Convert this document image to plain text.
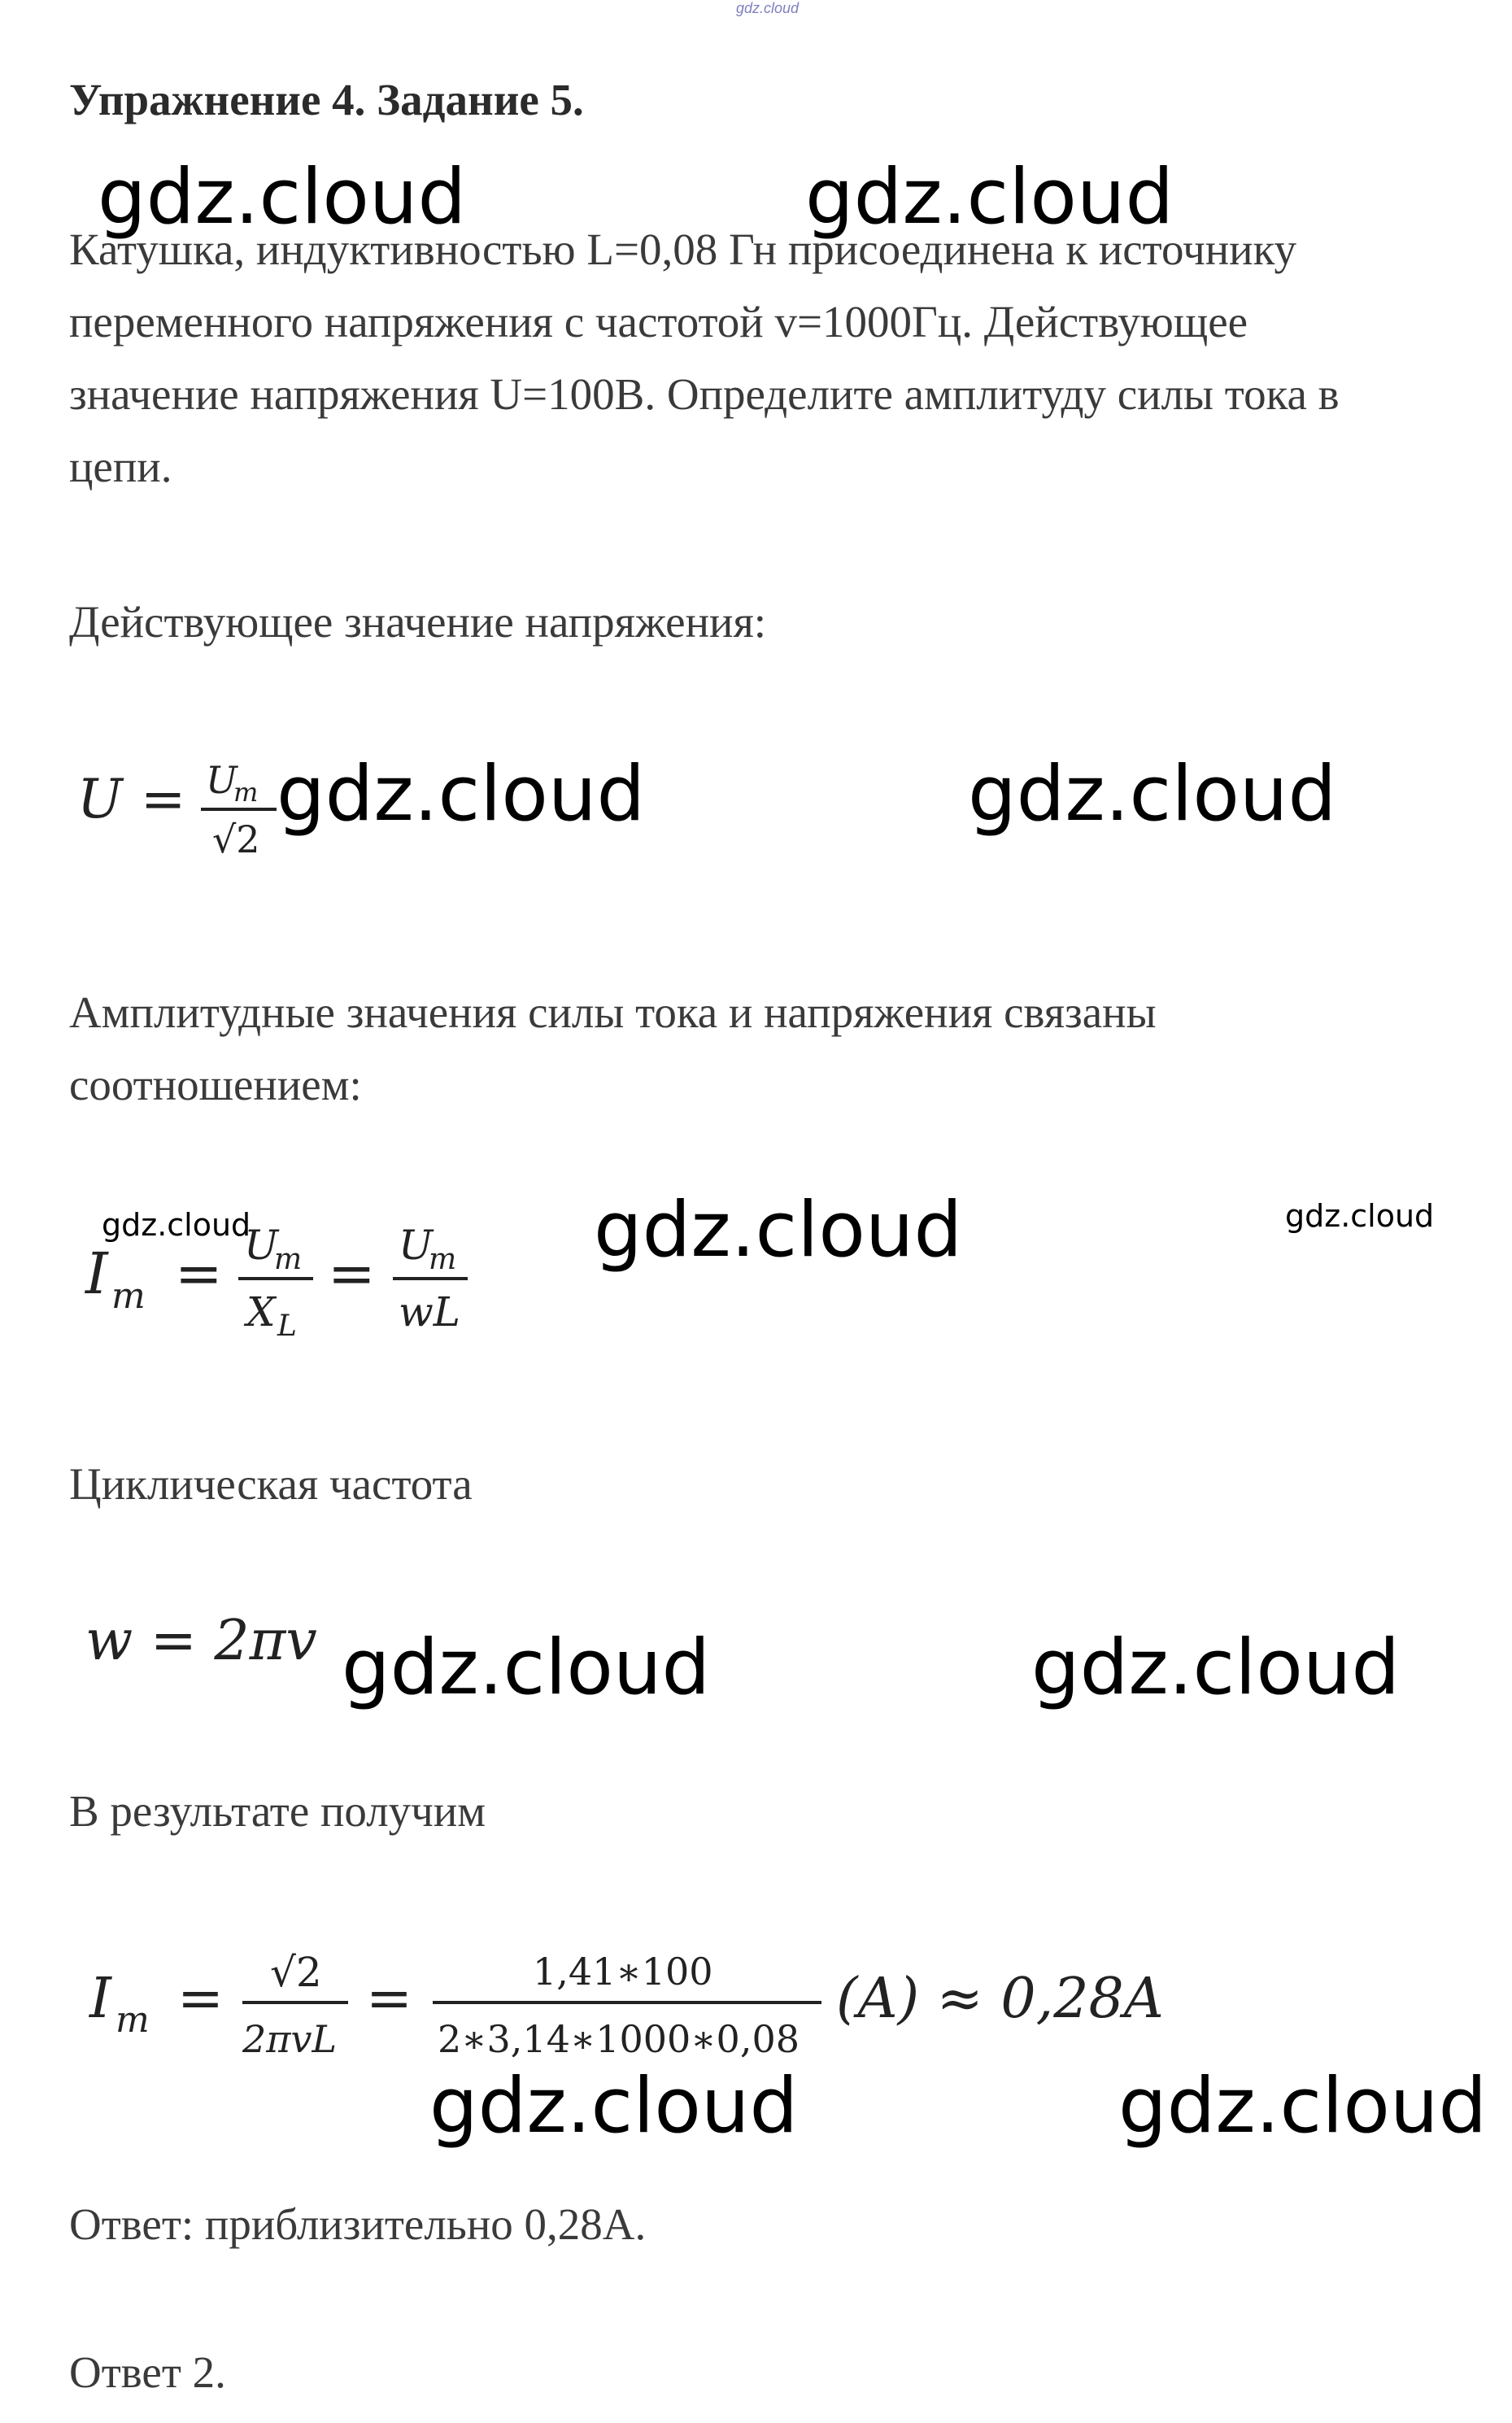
gdz.cloud
Упражнение 4. Задание 5.
Катушка, индуктивностью L=0,08 Гн присоединена к источнику
переменного напряжения с частотой v=1000Гц. Действующее
значение напряжения U=100В. Определите амплитуду силы тока в
цепи.
Действующее значение напряжения:
U = U
m
√2
Амплитудные значения силы тока и напряжения связаны
соотношением:
I m = U
m
X L
= U
m
wL
Циклическая частота
w = 2πv
В результате получим
I m = √2
2πvL
=	1,41∗100
2∗3,14∗1000∗0,08
(A) ≈ 0,28A
Ответ: приблизительно 0,28А.
Ответ 2.
gdz.cloud	gdz.cloud
gdz.cloud	gdz.cloud
gdz.cloud	gdz.cloud	gdz.cloud
gdz.cloud	gdz.cloud
gdz.cloud	gdz.cloud
